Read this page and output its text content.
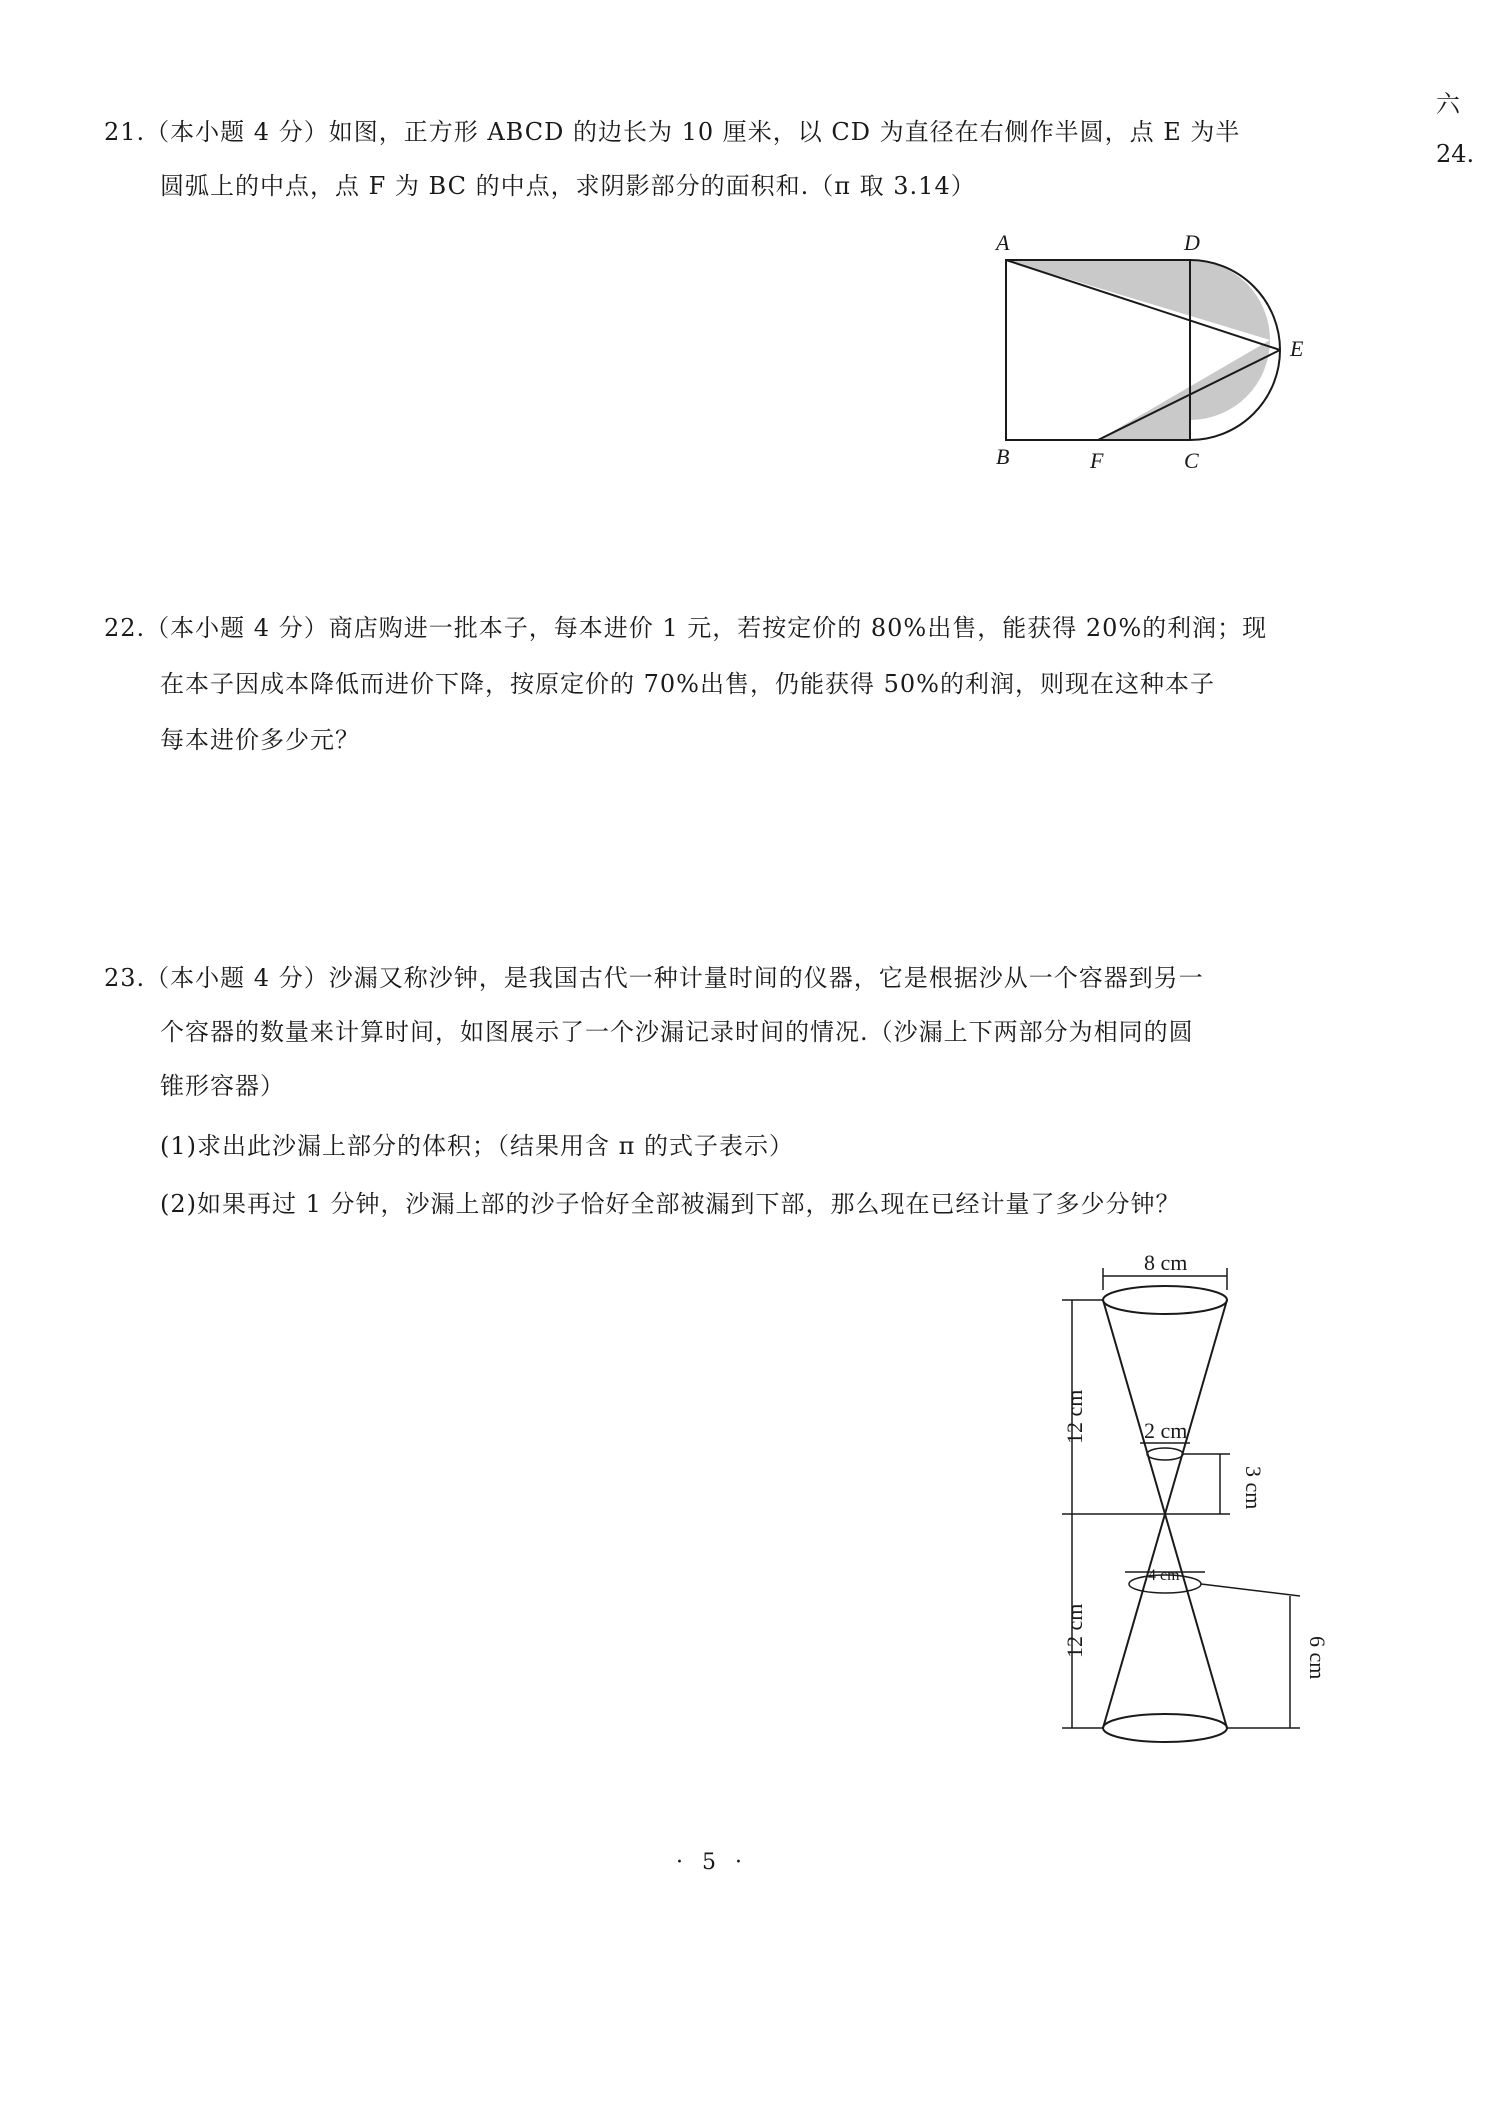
六
24.
21.（本小题 4 分）如图，正方形 ABCD 的边长为 10 厘米，以 CD 为直径在右侧作半圆，点 E 为半
圆弧上的中点，点 F 为 BC 的中点，求阴影部分的面积和.（π 取 3.14）
A	D
E
B	F	C
22.（本小题 4 分）商店购进一批本子，每本进价 1 元，若按定价的 80%出售，能获得 20%的利润；现
在本子因成本降低而进价下降，按原定价的 70%出售，仍能获得 50%的利润，则现在这种本子
每本进价多少元？
23.（本小题 4 分）沙漏又称沙钟，是我国古代一种计量时间的仪器，它是根据沙从一个容器到另一
个容器的数量来计算时间，如图展示了一个沙漏记录时间的情况.（沙漏上下两部分为相同的圆
锥形容器）
(1)求出此沙漏上部分的体积；（结果用含 π 的式子表示）
(2)如果再过 1 分钟，沙漏上部的沙子恰好全部被漏到下部，那么现在已经计量了多少分钟？
8 cm
2 cm
4 cm
12 cm
12 cm
3 cm
6 cm
· 5 ·
